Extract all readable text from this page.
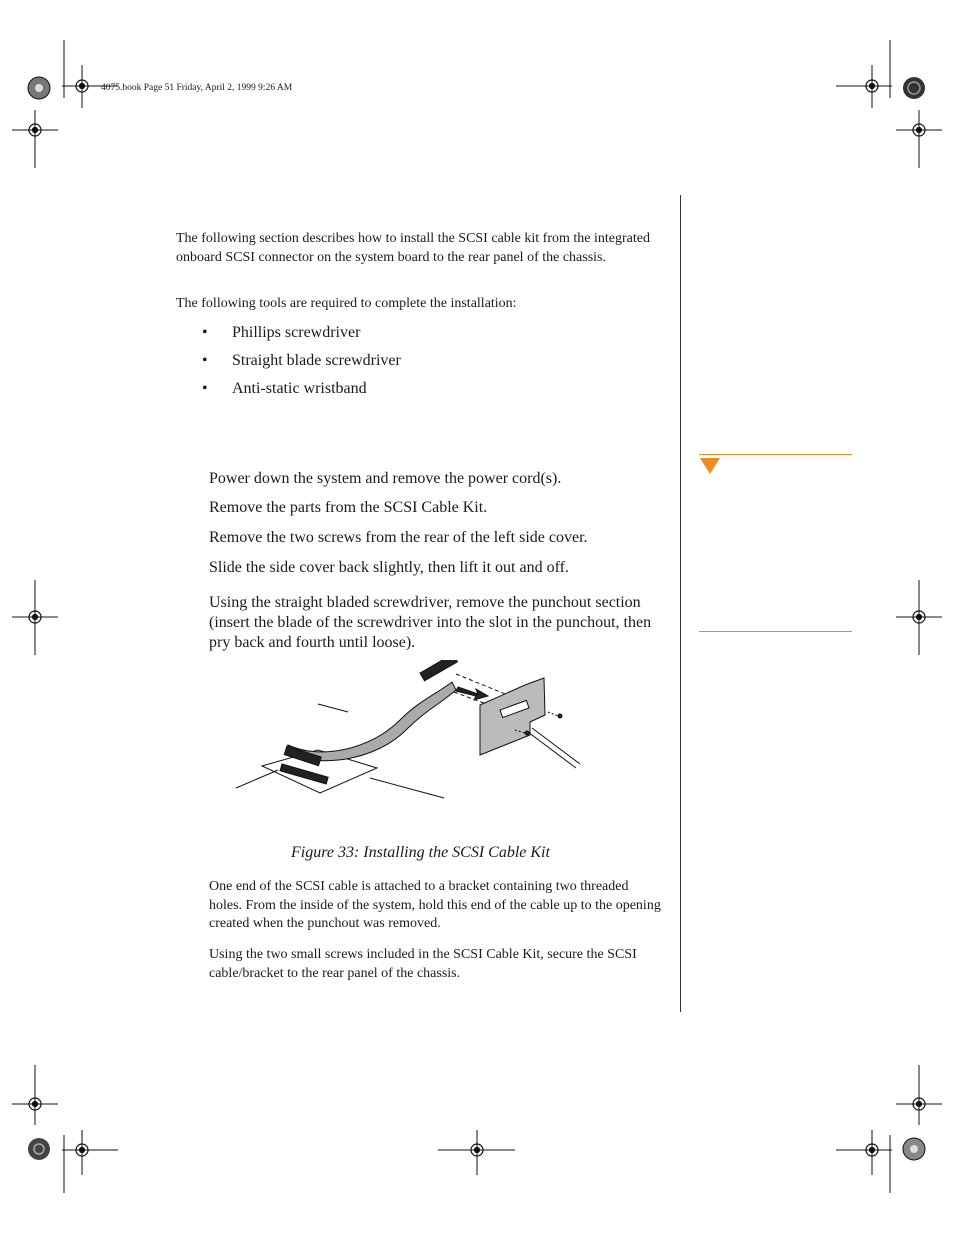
4075.book Page 51 Friday, April 2, 1999 9:26 AM

The following section describes how to install the SCSI cable kit from the integrated onboard SCSI connector on the system board to the rear panel of the chassis.

The following tools are required to complete the installation:

• Phillips screwdriver
• Straight blade screwdriver
• Anti-static wristband

Power down the system and remove the power cord(s).

Remove the parts from the SCSI Cable Kit.

Remove the two screws from the rear of the left side cover.

Slide the side cover back slightly, then lift it out and off.

Using the straight bladed screwdriver, remove the punchout section (insert the blade of the screwdriver into the slot in the punchout, then pry back and fourth until loose).

Figure 33: Installing the SCSI Cable Kit

One end of the SCSI cable is attached to a bracket containing two threaded holes. From the inside of the system, hold this end of the cable up to the opening created when the punchout was removed.

Using the two small screws included in the SCSI Cable Kit, secure the SCSI cable/bracket to the rear panel of the chassis.
